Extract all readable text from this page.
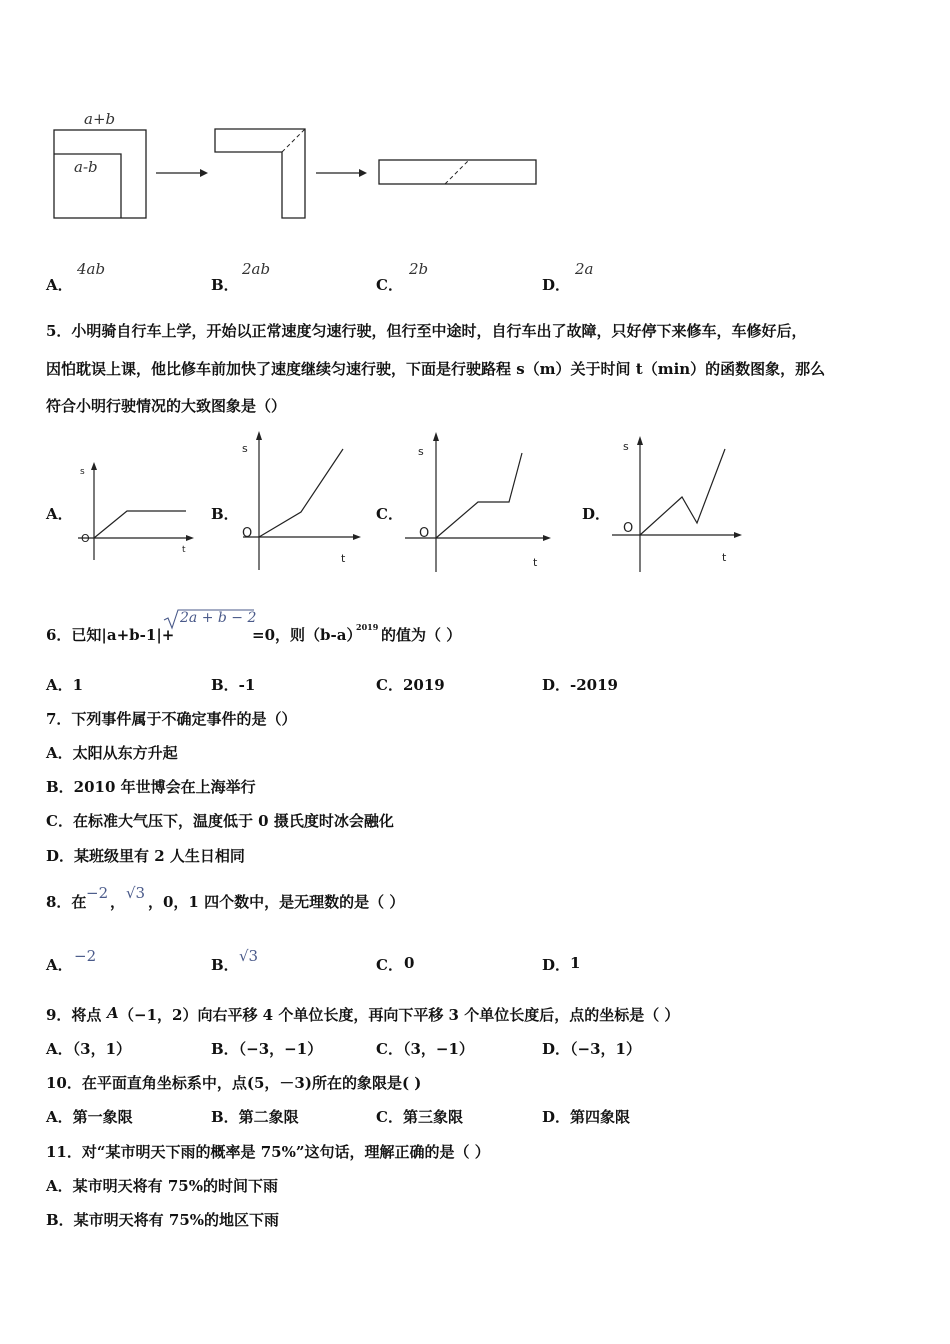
a+b
a-b
A．
4ab
B．
2ab
C．
2b
D．
2a
5．小明骑自行车上学，开始以正常速度匀速行驶，但行至中途时，自行车出了故障，只好停下来修车，车修好后，
因怕耽误上课，他比修车前加快了速度继续匀速行驶，下面是行驶路程 s（m）关于时间 t（min）的函数图象，那么
符合小明行驶情况的大致图象是（）
A．	B．	C．	D．
s
t
O
s
t
O
s
t
O
s
t
O
6．已知|a+b-1|+
2a + b − 2
=0，则（b-a）
2019 的值为（ ）
A．1	B．-1	C．2019	D．-2019
7．下列事件属于不确定事件的是（）
A．太阳从东方升起
B．2010 年世博会在上海举行
C．在标准大气压下，温度低于 0 摄氏度时冰会融化
D．某班级里有 2 人生日相同
8．在 −2 ， √3 ，0，1 四个数中，是无理数的是（ ）
A． −2	B． √3	C． 0	D． 1
9．将点 A （−1，2）向右平移 4 个单位长度，再向下平移 3 个单位长度后，点的坐标是（ ）
A．（3，1）	B．（−3，−1）	C．（3，−1）	D．（−3，1）
10．在平面直角坐标系中，点(5，－3)所在的象限是( )
A．第一象限	B．第二象限	C．第三象限	D．第四象限
11．对“某市明天下雨的概率是 75%”这句话，理解正确的是（ ）
A．某市明天将有 75%的时间下雨
B．某市明天将有 75%的地区下雨
